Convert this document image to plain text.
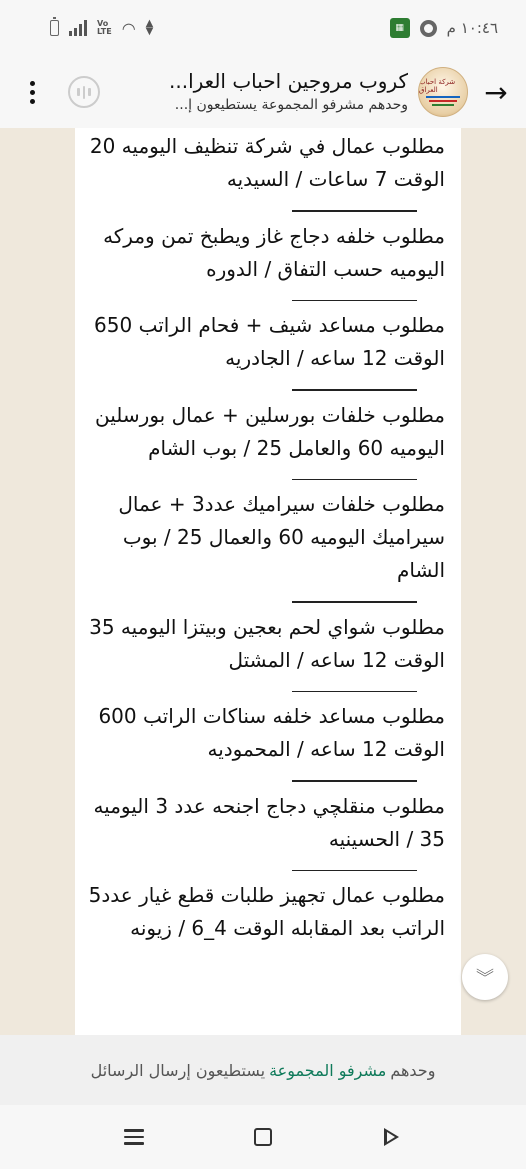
Vo
LTE ◠ ▲
▼	▦	١٠:٤٦ م
كروب مروجين احباب العرا...
وحدهم مشرفو المجموعة يستطيعون إ...
شركة احباب العراق	→
مطلوب عمال في شركة تنظيف اليوميه 20 الوقت 7 ساعات / السيديه
مطلوب خلفه دجاج غاز ويطبخ تمن ومركه اليوميه حسب التفاق / الدوره
مطلوب مساعد شيف + فحام الراتب 650 الوقت 12 ساعه / الجادريه
مطلوب خلفات بورسلين + عمال بورسلين اليوميه 60 والعامل 25 / بوب الشام
مطلوب خلفات سيراميك عدد3 + عمال سيراميك اليوميه 60 والعمال 25 / بوب الشام
مطلوب شواي لحم بعجين وبيتزا اليوميه 35 الوقت 12 ساعه / المشتل
مطلوب مساعد خلفه سناكات الراتب 600 الوقت 12 ساعه / المحموديه
مطلوب منقلچي دجاج اجنحه عدد 3 اليوميه 35 / الحسينيه
مطلوب عمال تجهيز طلبات قطع غيار عدد5 الراتب بعد المقابله الوقت 4_6 / زيونه
︾
وحدهم
مشرفو المجموعة
يستطيعون إرسال الرسائل
